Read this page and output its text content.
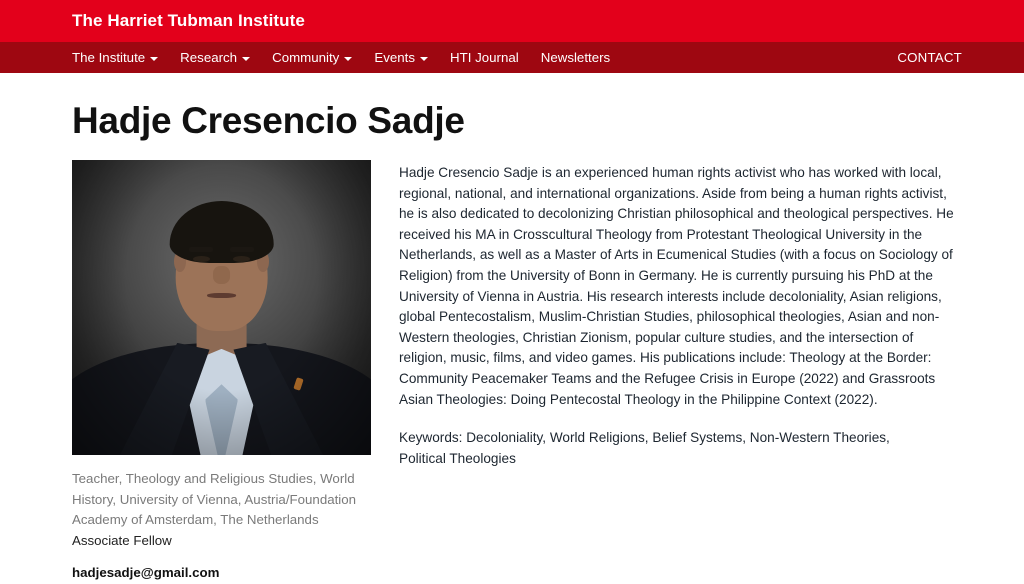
The Harriet Tubman Institute
The Institute	Research	Community	Events	HTI Journal Newsletters	CONTACT
Hadje Cresencio Sadje
Teacher, Theology and Religious Studies, World History, University of Vienna, Austria/Foundation Academy of Amsterdam, The Netherlands
Associate Fellow
hadjesadje@gmail.com
Hadje Cresencio Sadje is an experienced human rights activist who has worked with local, regional, national, and international organizations. Aside from being a human rights activist, he is also dedicated to decolonizing Christian philosophical and theological perspectives. He received his MA in Crosscultural Theology from Protestant Theological University in the Netherlands, as well as a Master of Arts in Ecumenical Studies (with a focus on Sociology of Religion) from the University of Bonn in Germany. He is currently pursuing his PhD at the University of Vienna in Austria. His research interests include decoloniality, Asian religions, global Pentecostalism, Muslim-Christian Studies, philosophical theologies, Asian and non-Western theologies, Christian Zionism, popular culture studies, and the intersection of religion, music, films, and video games. His publications include: Theology at the Border: Community Peacemaker Teams and the Refugee Crisis in Europe (2022) and Grassroots Asian Theologies: Doing Pentecostal Theology in the Philippine Context (2022).
Keywords: Decoloniality, World Religions, Belief Systems, Non-Western Theories, Political Theologies
